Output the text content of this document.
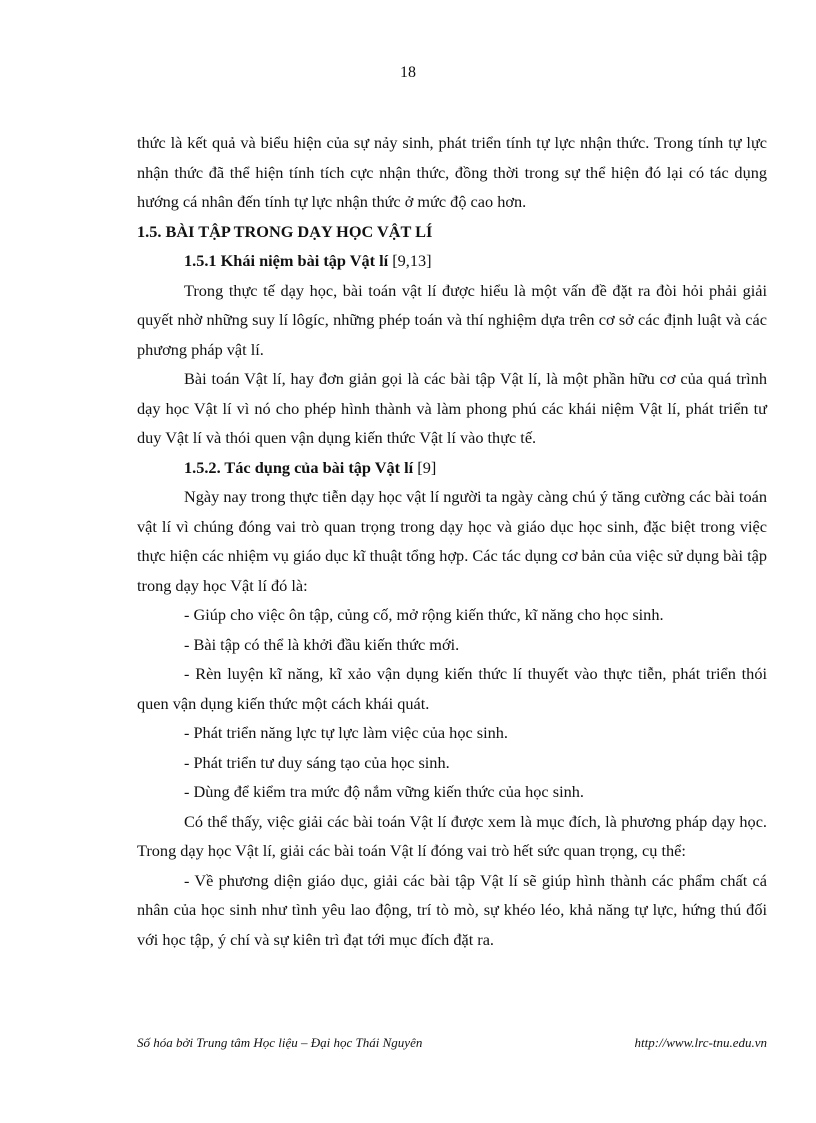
18

thức là kết quả và biểu hiện của sự nảy sinh, phát triển tính tự lực nhận thức. Trong tính tự lực nhận thức đã thể hiện tính tích cực nhận thức, đồng thời trong sự thể hiện đó lại có tác dụng hướng cá nhân đến tính tự lực nhận thức ở mức độ cao hơn.

1.5. BÀI TẬP TRONG DẠY HỌC VẬT LÍ

1.5.1 Khái niệm bài tập Vật lí [9,13]

Trong thực tế dạy học, bài toán vật lí được hiểu là một vấn đề đặt ra đòi hỏi phải giải quyết nhờ những suy lí lôgíc, những phép toán và thí nghiệm dựa trên cơ sở các định luật và các phương pháp vật lí.

Bài toán Vật lí, hay đơn giản gọi là các bài tập Vật lí, là một phần hữu cơ của quá trình dạy học Vật lí vì nó cho phép hình thành và làm phong phú các khái niệm Vật lí, phát triển tư duy Vật lí và thói quen vận dụng kiến thức Vật lí vào thực tế.

1.5.2. Tác dụng của bài tập Vật lí [9]

Ngày nay trong thực tiễn dạy học vật lí người ta ngày càng chú ý tăng cường các bài toán vật lí vì chúng đóng vai trò quan trọng trong dạy học và giáo dục học sinh, đặc biệt trong việc thực hiện các nhiệm vụ giáo dục kĩ thuật tổng hợp. Các tác dụng cơ bản của việc sử dụng bài tập trong dạy học Vật lí đó là:

- Giúp cho việc ôn tập, củng cố, mở rộng kiến thức, kĩ năng cho học sinh.

- Bài tập có thể là khởi đầu kiến thức mới.

- Rèn luyện kĩ năng, kĩ xảo vận dụng kiến thức lí thuyết vào thực tiễn, phát triển thói quen vận dụng kiến thức một cách khái quát.

- Phát triển năng lực tự lực làm việc của học sinh.

- Phát triển tư duy sáng tạo của học sinh.

- Dùng để kiểm tra mức độ nắm vững kiến thức của học sinh.

Có thể thấy, việc giải các bài toán Vật lí được xem là mục đích, là phương pháp dạy học. Trong dạy học Vật lí, giải các bài toán Vật lí đóng vai trò hết sức quan trọng, cụ thể:

- Về phương diện giáo dục, giải các bài tập Vật lí sẽ giúp hình thành các phẩm chất cá nhân của học sinh như tình yêu lao động, trí tò mò, sự khéo léo, khả năng tự lực, hứng thú đối với học tập, ý chí và sự kiên trì đạt tới mục đích đặt ra.

Số hóa bởi Trung tâm Học liệu – Đại học Thái Nguyên	http://www.lrc-tnu.edu.vn
